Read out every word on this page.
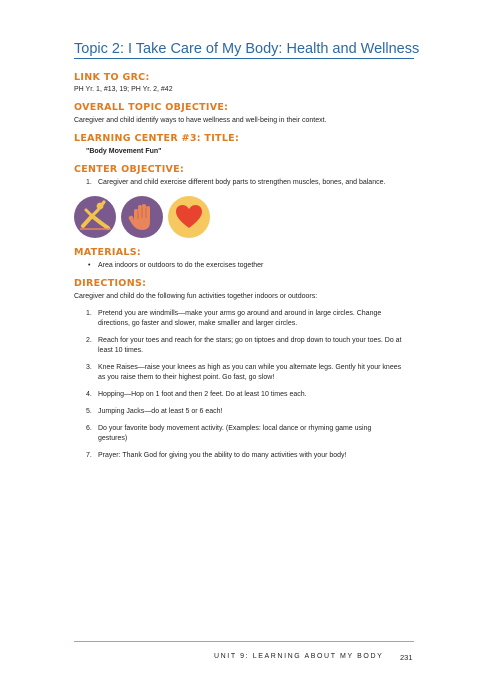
Topic 2: I Take Care of My Body: Health and Wellness
LINK TO GRC:
PH Yr. 1, #13, 19; PH Yr. 2, #42
OVERALL TOPIC OBJECTIVE:
Caregiver and child identify ways to have wellness and well-being in their context.
LEARNING CENTER #3: TITLE:
"Body Movement Fun"
CENTER OBJECTIVE:
1. Caregiver and child exercise different body parts to strengthen muscles, bones, and balance.
MATERIALS:
• Area indoors or outdoors to do the exercises together
DIRECTIONS:
Caregiver and child do the following fun activities together indoors or outdoors:
1. Pretend you are windmills—make your arms go around and around in large circles. Change
directions, go faster and slower, make smaller and larger circles.
2. Reach for your toes and reach for the stars; go on tiptoes and drop down to touch your toes. Do at
least 10 times.
3. Knee Raises—raise your knees as high as you can while you alternate legs. Gently hit your knees
as you raise them to their highest point. Go fast, go slow!
4. Hopping—Hop on 1 foot and then 2 feet. Do at least 10 times each.
5. Jumping Jacks—do at least 5 or 6 each!
6. Do your favorite body movement activity. (Examples: local dance or rhyming game using
gestures)
7. Prayer: Thank God for giving you the ability to do many activities with your body!
UNIT 9: LEARNING ABOUT MY BODY 231
